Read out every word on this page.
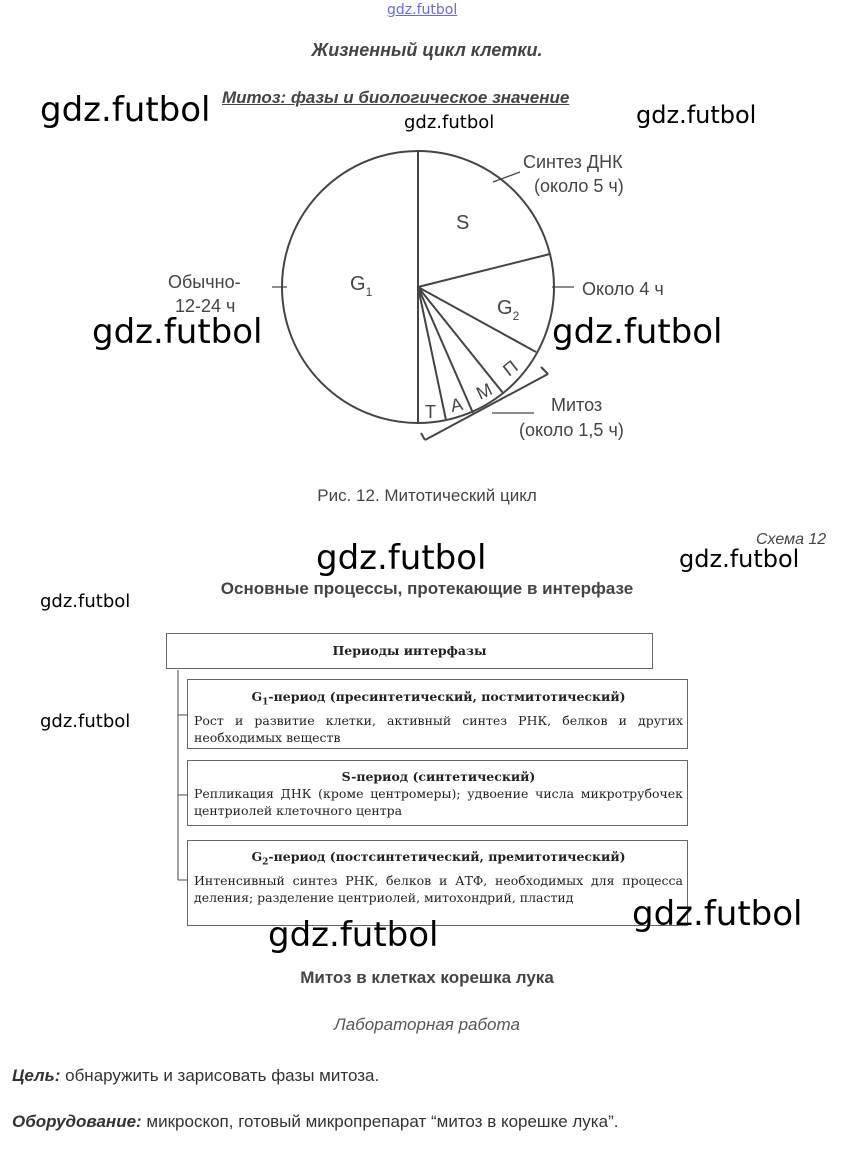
gdz.futbol
Жизненный цикл клетки.
Митоз: фазы и биологическое значение
$G_1$
S
$G_2$
П
М
А
Т
Синтез ДНК
(около 5 ч)
Около 4 ч
Обычно-
12-24 ч
Митоз
(около 1,5 ч)
Рис. 12. Митотический цикл
Схема 12
Основные процессы, протекающие в интерфазе
Периоды интерфазы
$G_1$-период (пресинтетический, постмитотический)
Рост и развитие клетки, активный синтез РНК, белков и других необходимых веществ
S-период (синтетический)
Репликация ДНК (кроме центромеры); удвоение числа микротрубочек центриолей клеточного центра
$G_2$-период (постсинтетический, премитотический)
Интенсивный синтез РНК, белков и АТФ, необходимых для процесса деления; разделение центриолей, митохондрий, пластид
Митоз в клетках корешка лука
Лабораторная работа
Цель: обнаружить и зарисовать фазы митоза.
Оборудование: микроскоп, готовый микропрепарат “митоз в корешке лука”.
gdz.futbol	gdz.futbol	gdz.futbol
gdz.futbol	gdz.futbol
gdz.futbol	gdz.futbol
gdz.futbol
gdz.futbol
gdz.futbol
gdz.futbol
